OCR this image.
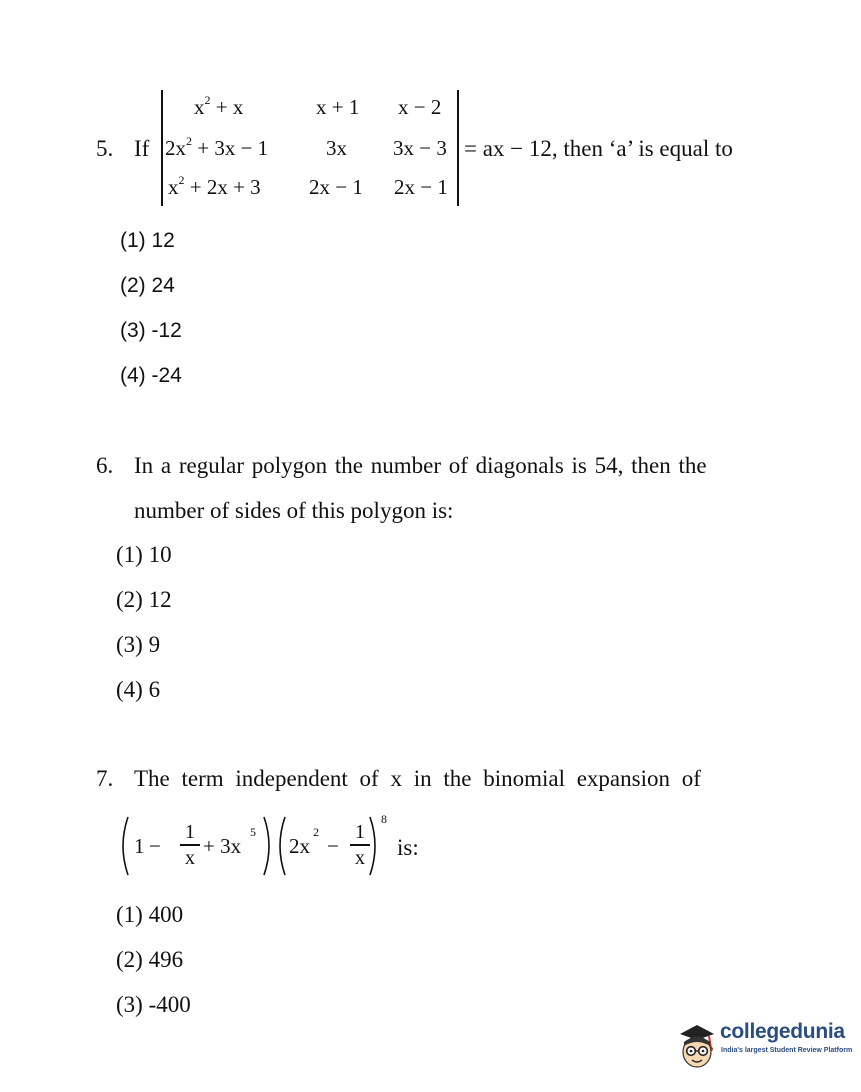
5. If
$x^2 + x$	x + 1 x − 2
$2x^2 + 3x - 1$	3x 3x − 3
$x^2 + 2x + 3$ 2x − 1 2x − 1
= ax − 12, then ‘a’ is equal to
(1) 12
(2) 24
(3) -12
(4) -24
6. In a regular polygon the number of diagonals is 54, then the
number of sides of this polygon is:
(1) 10
(2) 12
(3) 9
(4) 6
7. The term independent of x in the binomial expansion of
1 −
1
x + 3x
5
2x
2
−
1
x
8
is:
(1) 400
(2) 496
(3) -400
collegedunia
India's largest Student Review Platform
